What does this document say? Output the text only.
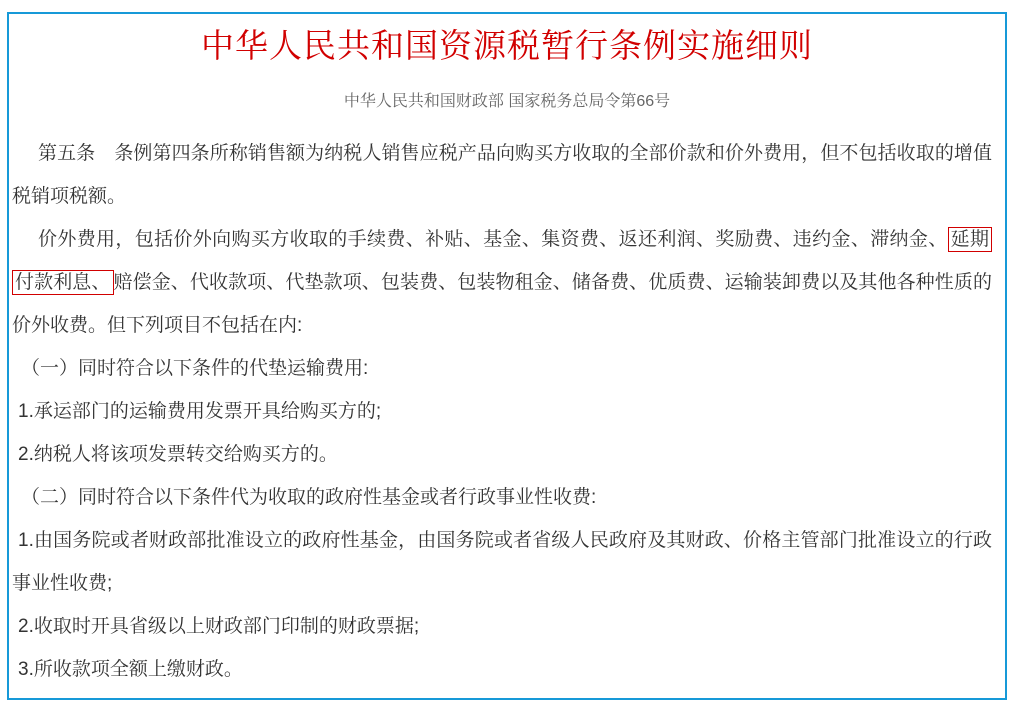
中华人民共和国资源税暂行条例实施细则
中华人民共和国财政部 国家税务总局令第66号

第五条　条例第四条所称销售额为纳税人销售应税产品向购买方收取的全部价款和价外费用，但不包括收取的增值税销项税额。

价外费用，包括价外向购买方收取的手续费、补贴、基金、集资费、返还利润、奖励费、违约金、滞纳金、 延期付款利息、 赔偿金、代收款项、代垫款项、包装费、包装物租金、储备费、优质费、运输装卸费以及其他各种性质的价外收费。但下列项目不包括在内:

（一）同时符合以下条件的代垫运输费用:

1.承运部门的运输费用发票开具给购买方的;

2.纳税人将该项发票转交给购买方的。

（二）同时符合以下条件代为收取的政府性基金或者行政事业性收费:

1.由国务院或者财政部批准设立的政府性基金，由国务院或者省级人民政府及其财政、价格主管部门批准设立的行政事业性收费;

2.收取时开具省级以上财政部门印制的财政票据;

3.所收款项全额上缴财政。
